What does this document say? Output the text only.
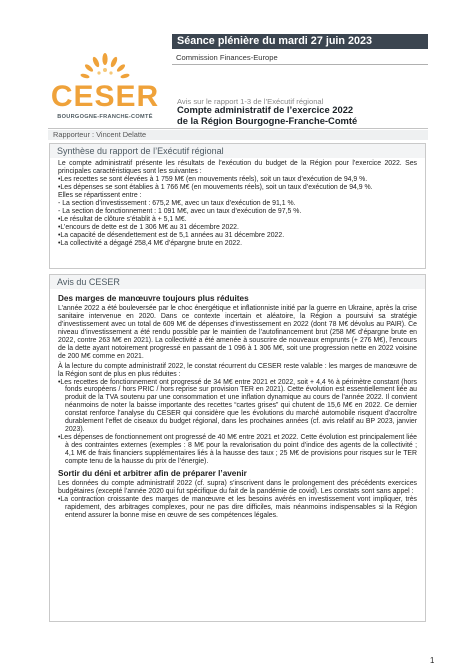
CESER
BOURGOGNE-FRANCHE-COMTÉ
Séance plénière du mardi 27 juin 2023
Commission Finances-Europe
Avis sur le rapport 1-3 de l’Exécutif régional
Compte administratif de l’exercice 2022
de la Région Bourgogne-Franche-Comté
Rapporteur : Vincent Delatte
Synthèse du rapport de l’Exécutif régional

Le compte administratif présente les résultats de l’exécution du budget de la Région pour l’exercice 2022. Ses principales caractéristiques sont les suivantes :

•Les recettes se sont élevées à 1 759 M€ (en mouvements réels), soit un taux d’exécution de 94,9 %.

•Les dépenses se sont établies à 1 766 M€ (en mouvements réels), soit un taux d’exécution de 94,9 %.

Elles se répartissent entre :

- La section d’investissement : 675,2 M€, avec un taux d’exécution de 91,1 %.

- La section de fonctionnement : 1 091 M€, avec un taux d’exécution de 97,5 %.

•Le résultat de clôture s’établit à + 5,1 M€.

•L’encours de dette est de 1 306 M€ au 31 décembre 2022.

•La capacité de désendettement est de 5,1 années au 31 décembre 2022.

•La collectivité a dégagé 258,4 M€ d’épargne brute en 2022.

Avis du CESER

Des marges de manœuvre toujours plus réduites

L’année 2022 a été bouleversée par le choc énergétique et inflationniste initié par la guerre en Ukraine, après la crise sanitaire intervenue en 2020. Dans ce contexte incertain et aléatoire, la Région a poursuivi sa stratégie d’investissement avec un total de 609 M€ de dépenses d’investissement en 2022 (dont 78 M€ dévolus au PAIR). Ce niveau d’investissement a été rendu possible par le maintien de l’autofinancement brut (258 M€ d’épargne brute en 2022, contre 263 M€ en 2021). La collectivité a été amenée à souscrire de nouveaux emprunts (+ 276 M€), l’encours de la dette ayant notoirement progressé en passant de 1 096 à 1 306 M€, soit une progression nette en 2022 voisine de 200 M€ comme en 2021.

À la lecture du compte administratif 2022, le constat récurrent du CESER reste valable : les marges de manœuvre de la Région sont de plus en plus réduites :

•Les recettes de fonctionnement ont progressé de 34 M€ entre 2021 et 2022, soit + 4,4 % à périmètre constant (hors fonds européens / hors PRIC / hors reprise sur provision TER en 2021). Cette évolution est essentiellement liée au produit de la TVA soutenu par une consommation et une inflation dynamique au cours de l’année 2022. Il convient néanmoins de noter la baisse importante des recettes “cartes grises” qui chutent de 15,6 M€ en 2022. Ce dernier constat renforce l’analyse du CESER qui considère que les évolutions du marché automobile risquent d’accroître durablement l’effet de ciseaux du budget régional, dans les prochaines années (cf. avis relatif au BP 2023, janvier 2023).

•Les dépenses de fonctionnement ont progressé de 40 M€ entre 2021 et 2022. Cette évolution est principalement liée à des contraintes externes (exemples : 8 M€ pour la revalorisation du point d’indice des agents de la collectivité ; 4,1 M€ de frais financiers supplémentaires liés à la hausse des taux ; 25 M€ de provisions pour risques sur le TER compte tenu de la hausse du prix de l’énergie).

Sortir du déni et arbitrer afin de préparer l’avenir

Les données du compte administratif 2022 (cf. supra) s’inscrivent dans le prolongement des précédents exercices budgétaires (excepté l’année 2020 qui fut spécifique du fait de la pandémie de covid). Les constats sont sans appel :

•La contraction croissante des marges de manœuvre et les besoins avérés en investissement vont impliquer, très rapidement, des arbitrages complexes, pour ne pas dire difficiles, mais néanmoins indispensables si la Région entend assurer la bonne mise en œuvre de ses compétences légales.

1
